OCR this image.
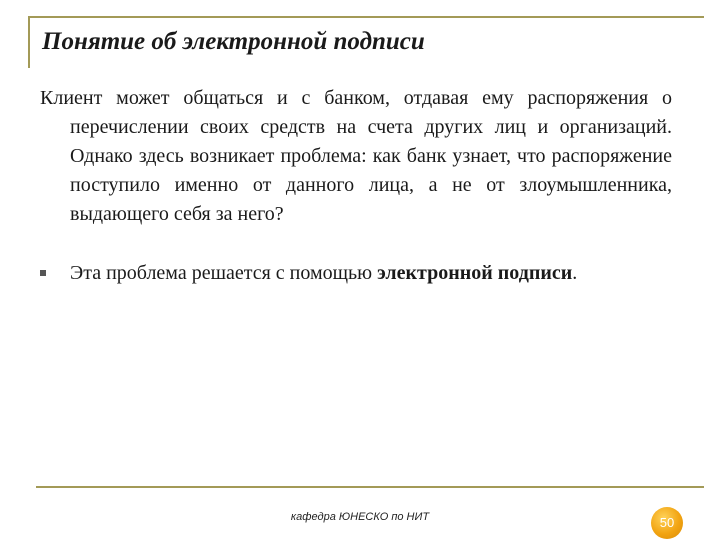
Понятие об электронной подписи

Клиент может общаться и с банком, отдавая ему распоряжения о перечислении своих средств на счета других лиц и организаций. Однако здесь возникает проблема: как банк узнает, что распоряжение поступило именно от данного лица, а не от злоумышленника, выдающего себя за него?

Эта проблема решается с помощью электронной подписи.

кафедра ЮНЕСКО по НИТ	50
